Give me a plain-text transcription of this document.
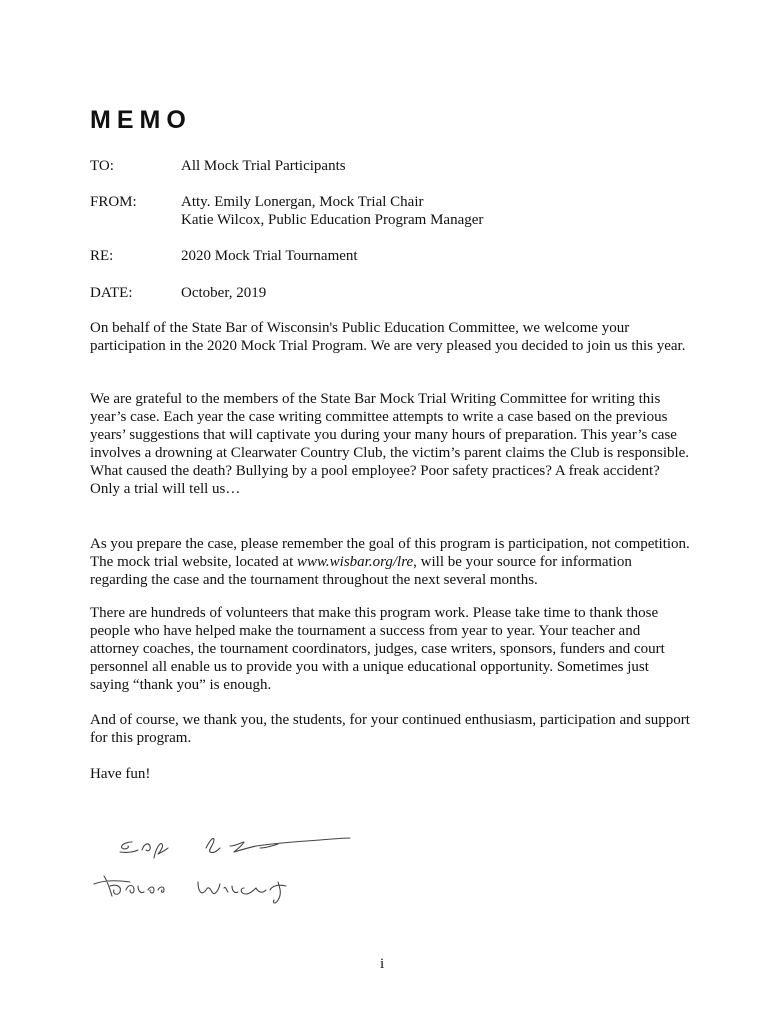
MEMO
TO:	All Mock Trial Participants
FROM:	Atty. Emily Lonergan, Mock Trial Chair
Katie Wilcox, Public Education Program Manager
RE:	2020 Mock Trial Tournament
DATE:	October, 2019

On behalf of the State Bar of Wisconsin's Public Education Committee, we welcome your participation in the 2020 Mock Trial Program. We are very pleased you decided to join us this year.

We are grateful to the members of the State Bar Mock Trial Writing Committee for writing this year’s case. Each year the case writing committee attempts to write a case based on the previous years’ suggestions that will captivate you during your many hours of preparation. This year’s case involves a drowning at Clearwater Country Club, the victim’s parent claims the Club is responsible. What caused the death? Bullying by a pool employee? Poor safety practices? A freak accident? Only a trial will tell us…

As you prepare the case, please remember the goal of this program is participation, not competition. The mock trial website, located at www.wisbar.org/lre, will be your source for information regarding the case and the tournament throughout the next several months.

There are hundreds of volunteers that make this program work. Please take time to thank those people who have helped make the tournament a success from year to year. Your teacher and attorney coaches, the tournament coordinators, judges, case writers, sponsors, funders and court personnel all enable us to provide you with a unique educational opportunity. Sometimes just saying “thank you” is enough.

And of course, we thank you, the students, for your continued enthusiasm, participation and support for this program.

Have fun!

i
